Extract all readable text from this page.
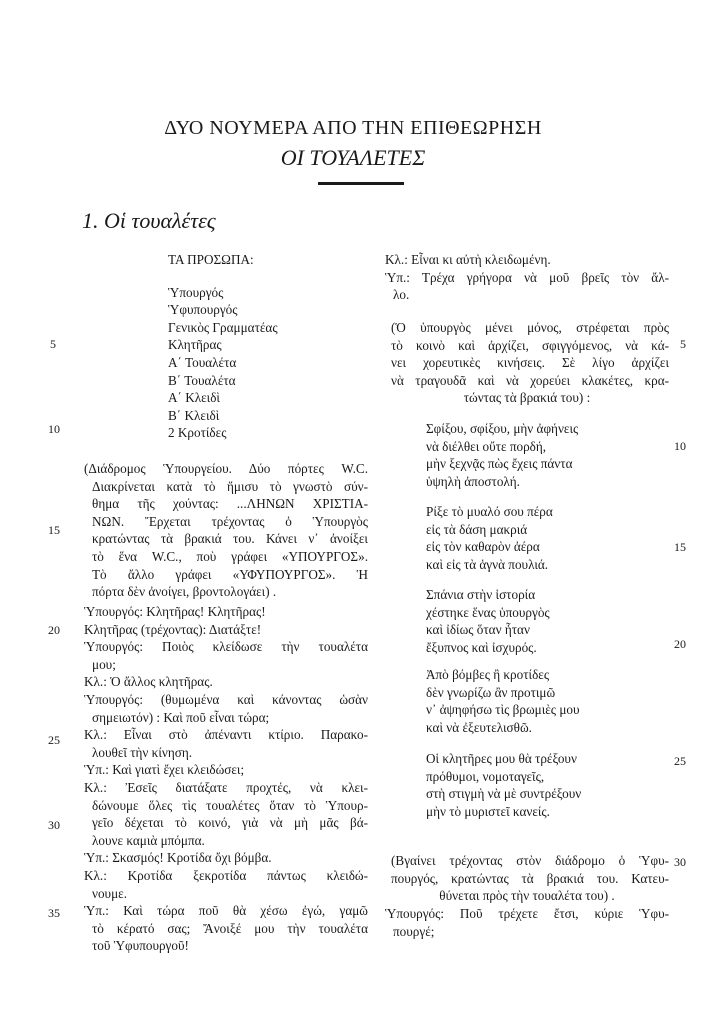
ΔΥΟ ΝΟΥΜΕΡΑ ΑΠΟ ΤΗΝ ΕΠΙΘΕΩΡΗΣΗ
ΟΙ ΤΟΥΑΛΕΤΕΣ
1. Οἱ τουαλέτες
ΤΑ ΠΡΟΣΩΠΑ:
Ὑπουργός
Ὑφυπουργός
Γενικὸς Γραμματέας
Κλητῆρας
Α΄ Τουαλέτα
Β΄ Τουαλέτα
Α΄ Κλειδὶ
Β΄ Κλειδὶ
2 Κροτίδες
(Διάδρομος Ὑπουργείου. Δύο πόρτες W.C.
Διακρίνεται κατὰ τὸ ἥμισυ τὸ γνωστὸ σύν-
θημα τῆς χούντας: ...ΛΗΝΩΝ ΧΡΙΣΤΙΑ-
ΝΩΝ. Ἔρχεται τρέχοντας ὁ Ὑπουργὸς
κρατώντας τὰ βρακιά του. Κάνει ν᾽ ἀνοίξει
τὸ ἕνα W.C., ποὺ γράφει «ΥΠΟΥΡΓΟΣ».
Τὸ ἄλλο γράφει «ΥΦΥΠΟΥΡΓΟΣ». Ἡ
πόρτα δὲν ἀνοίγει, βροντολογάει) .
Ὑπουργός: Κλητῆρας! Κλητῆρας!
Κλητῆρας (τρέχοντας): Διατάξτε!
Ὑπουργός: Ποιὸς κλείδωσε τὴν τουαλέτα
μου;
Κλ.: Ὁ ἄλλος κλητῆρας.
Ὑπουργός: (θυμωμένα καὶ κάνοντας ὡσὰν
σημειωτόν) : Καὶ ποῦ εἶναι τώρα;
Κλ.: Εἶναι στὸ ἀπέναντι κτίριο. Παρακο-
λουθεῖ τὴν κίνηση.
Ὑπ.: Καὶ γιατὶ ἔχει κλειδώσει;
Κλ.: Ἐσεῖς διατάξατε προχτές, νὰ κλει-
δώνουμε ὅλες τὶς τουαλέτες ὅταν τὸ Ὑπουρ-
γεῖο δέχεται τὸ κοινό, γιὰ νὰ μὴ μᾶς βά-
λουνε καμιὰ μπόμπα.
Ὑπ.: Σκασμός! Κροτίδα ὄχι βόμβα.
Κλ.: Κροτίδα ξεκροτίδα πάντως κλειδώ-
νουμε.
Ὑπ.: Καὶ τώρα ποῦ θὰ χέσω ἐγώ, γαμῶ
τὸ κέρατό σας; Ἄνοιξέ μου τὴν τουαλέτα
τοῦ Ὑφυπουργοῦ!
Κλ.: Εἶναι κι αὐτὴ κλειδωμένη.
Ὑπ.: Τρέχα γρήγορα νὰ μοῦ βρεῖς τὸν ἄλ-
λο.
(Ὁ ὑπουργὸς μένει μόνος, στρέφεται πρὸς
τὸ κοινὸ καὶ ἀρχίζει, σφιγγόμενος, νὰ κά-
νει χορευτικὲς κινήσεις. Σὲ λίγο ἀρχίζει
νὰ τραγουδᾶ καὶ νὰ χορεύει κλακέτες, κρα-
τώντας τὰ βρακιά του) :
Σφίξου, σφίξου, μὴν ἀφήνεις
νὰ διέλθει οὔτε πορδή,
μὴν ξεχνᾷς πὼς ἔχεις πάντα
ὑψηλὴ ἀποστολή.
Ρίξε τὸ μυαλό σου πέρα
εἰς τὰ δάση μακριά
εἰς τὸν καθαρὸν ἀέρα
καὶ εἰς τὰ ἁγνὰ πουλιά.
Σπάνια στὴν ἱστορία
χέστηκε ἕνας ὑπουργὸς
καὶ ἰδίως ὅταν ἦταν
ἔξυπνος καὶ ἰσχυρός.
Ἀπὸ βόμβες ἢ κροτίδες
δὲν γνωρίζω ἂν προτιμῶ
ν᾽ ἀψηφήσω τὶς βρωμιὲς μου
καὶ νὰ ἐξευτελισθῶ.
Οἱ κλητῆρες μου θὰ τρέξουν
πρόθυμοι, νομοταγεῖς,
στὴ στιγμὴ νὰ μὲ συντρέξουν
μὴν τὸ μυριστεῖ κανείς.
(Βγαίνει τρέχοντας στὸν διάδρομο ὁ Ὑφυ-
πουργός, κρατώντας τὰ βρακιά του. Κατευ-
θύνεται πρὸς τὴν τουαλέτα του) .
Ὑπουργός: Ποῦ τρέχετε ἔτσι, κύριε Ὑφυ-
πουργέ;
5
10
15
20
25
30
35
5
10
15
20
25
30
